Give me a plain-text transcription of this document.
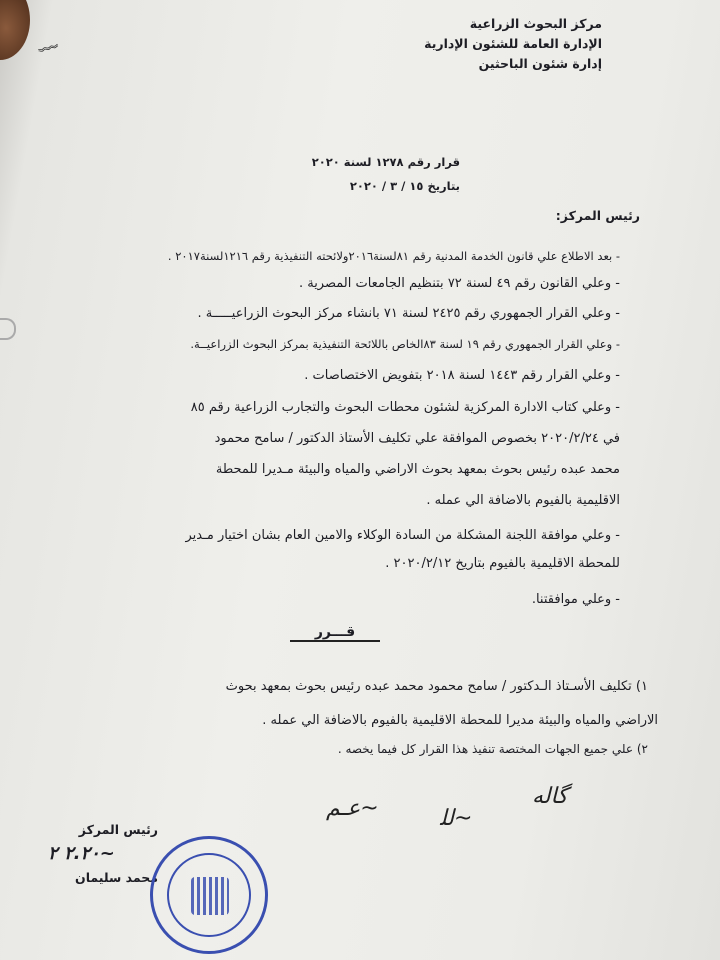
﹌
مركز البحوث الزراعية
الإدارة العامة للشئون الإدارية
إدارة شئون الباحثين
قرار رقم ١٢٧٨ لسنة ٢٠٢٠
بتاريخ ١٥ / ٣ / ٢٠٢٠
رئيس المركز:
- بعد الاطلاع علي قانون الخدمة المدنية رقم ٨١لسنة٢٠١٦ولائحته التنفيذية رقم ١٢١٦لسنة٢٠١٧ .
- وعلي القانون رقم ٤٩ لسنة ٧٢ بتنظيم الجامعات المصرية .
- وعلي القرار الجمهوري رقم ٢٤٢٥ لسنة ٧١ بانشاء مركز البحوث الزراعيـــــة .
- وعلي القرار الجمهوري رقم ١٩ لسنة ٨٣الخاص باللائحة التنفيذية بمركز البحوث الزراعيــة.
- وعلي القرار رقم ١٤٤٣ لسنة ٢٠١٨ بتفويض الاختصاصات .
- وعلي كتاب الادارة المركزية لشئون محطات البحوث والتجارب الزراعية رقم ٨٥
في ٢٠٢٠/٢/٢٤ بخصوص الموافقة علي تكليف الأستاذ الدكتور / سامح محمود
محمد عبده رئيس بحوث بمعهد بحوث الاراضي والمياه والبيئة مـديرا للمحطة
الاقليمية بالفيوم بالاضافة الي عمله .
- وعلي موافقة اللجنة المشكلة من السادة الوكلاء والامين العام بشان اختيار مـدير
للمحطة الاقليمية بالفيوم بتاريخ ٢٠٢٠/٢/١٢ .
- وعلي موافقتنا.
قـــرر
١) تكليف الأسـتاذ الـدكتور / سامح محمود محمد عبده رئيس بحوث بمعهد بحوث
الاراضي والمياه والبيئة مديرا للمحطة الاقليمية بالفيوم بالاضافة الي عمله .
٢) علي جميع الجهات المختصة تنفيذ هذا القرار كل فيما يخصه .
ﻋـﻢ~	ﻟﻠ~
ﮔﺎﻟﻪ
رئيس المركز
~٢.٢٠ ٢
محمد سليمان
